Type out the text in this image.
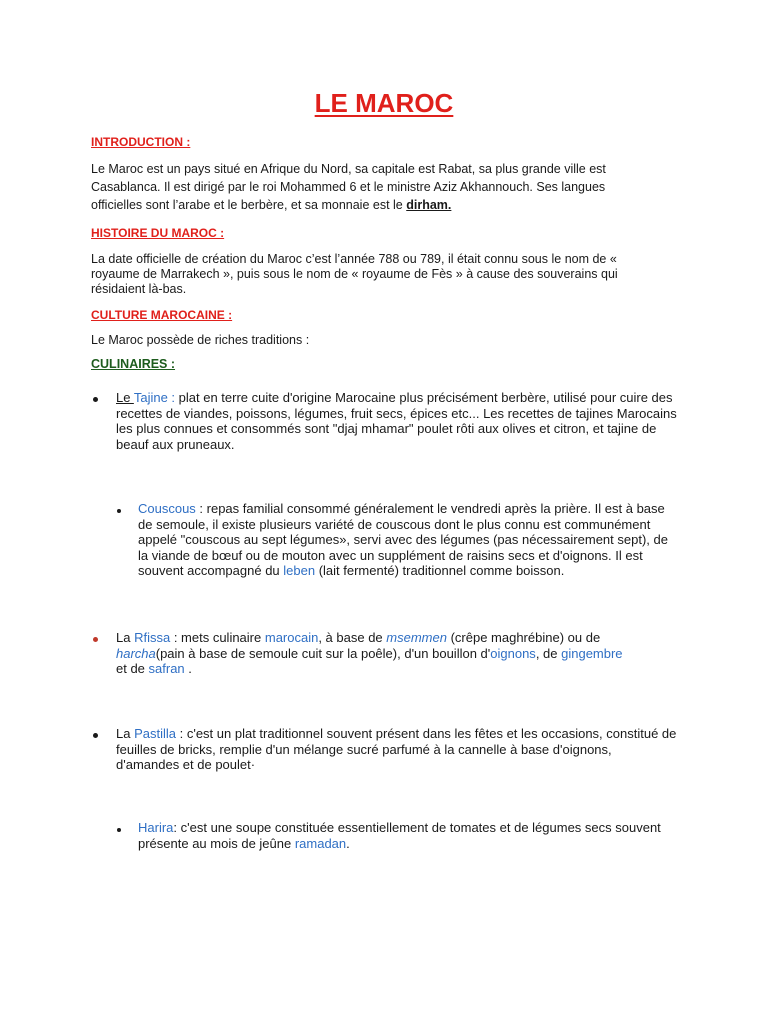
LE MAROC
INTRODUCTION :
Le Maroc est un pays situé en Afrique du Nord, sa capitale est Rabat, sa plus grande ville est Casablanca. Il est dirigé par le roi Mohammed 6 et le ministre Aziz Akhannouch. Ses langues officielles sont l’arabe et le berbère, et sa monnaie est le dirham.
HISTOIRE DU MAROC :
La date officielle de création du Maroc c’est l’année 788 ou 789, il était connu sous le nom de « royaume de Marrakech », puis sous le nom de « royaume de Fès » à cause des souverains qui résidaient là-bas.
CULTURE MAROCAINE :
Le Maroc possède de riches traditions :
CULINAIRES :
Le Tajine : plat en terre cuite d'origine Marocaine plus précisément berbère, utilisé pour cuire des recettes de viandes, poissons, légumes, fruit secs, épices etc... Les recettes de tajines Marocains les plus connues et consommés sont "djaj mhamar" poulet rôti aux olives et citron, et tajine de beauf aux pruneaux.
Couscous : repas familial consommé généralement le vendredi après la prière. Il est à base de semoule, il existe plusieurs variété de couscous dont le plus connu est communément appelé "couscous au sept légumes», servi avec des légumes (pas nécessairement sept), de la viande de bœuf ou de mouton avec un supplément de raisins secs et d'oignons. Il est souvent accompagné du leben (lait fermenté) traditionnel comme boisson.
La Rfissa : mets culinaire marocain, à base de msemmen (crêpe maghrébine) ou de harcha(pain à base de semoule cuit sur la poêle), d'un bouillon d'oignons, de gingembre et de safran .
La Pastilla : c'est un plat traditionnel souvent présent dans les fêtes et les occasions, constitué de feuilles de bricks, remplie d'un mélange sucré parfumé à la cannelle à base d'oignons, d'amandes et de poulet·
Harira: c'est une soupe constituée essentiellement de tomates et de légumes secs souvent présente au mois de jeûne ramadan.
